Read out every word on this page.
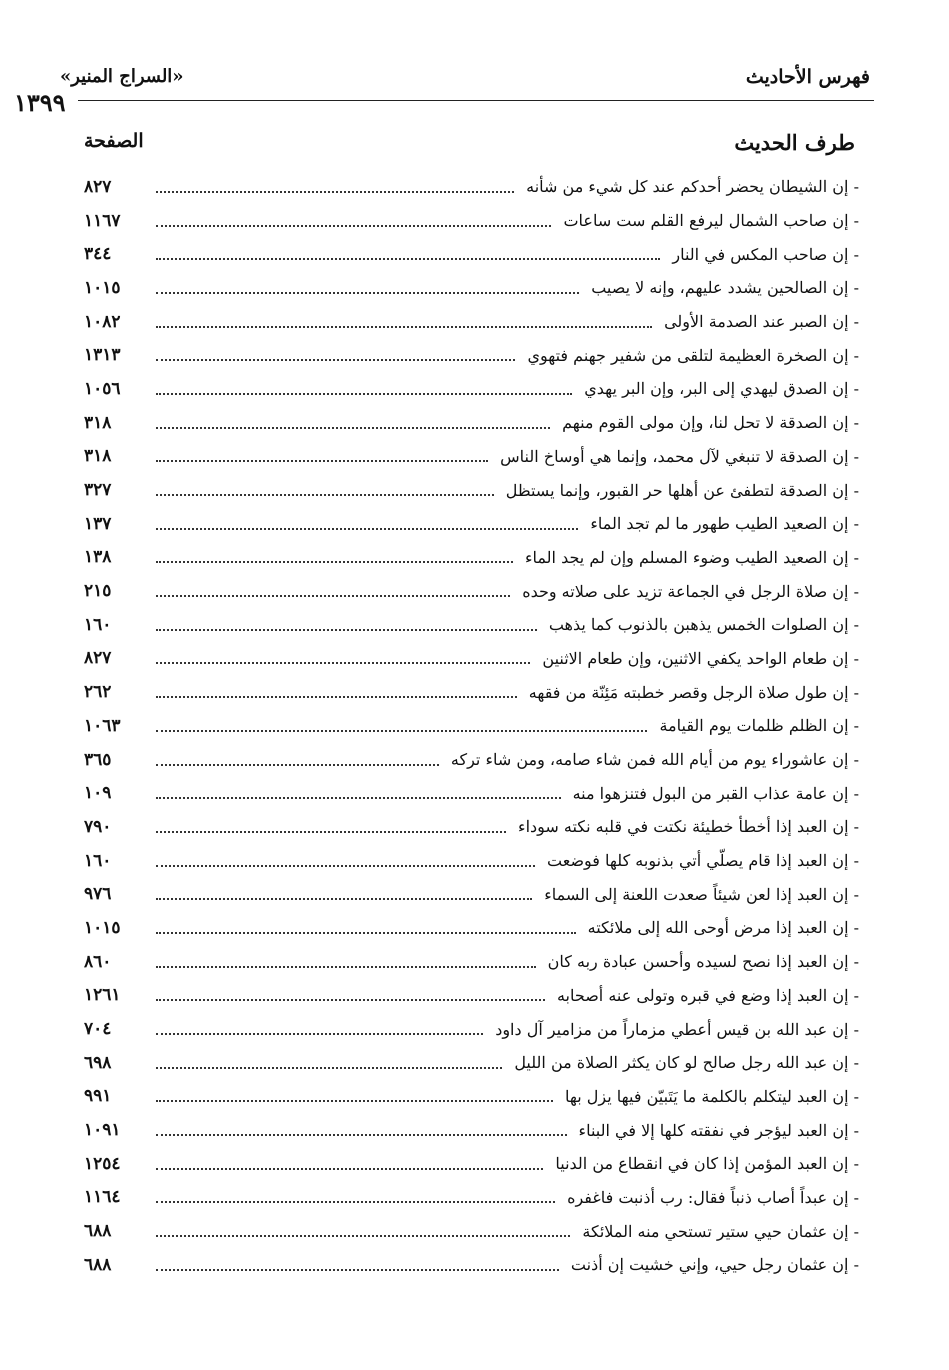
فهرس الأحاديث
«السراج المنير»
١٣٩٩
طرف الحديث
الصفحة
- إن الشيطان يحضر أحدكم عند كل شيء من شأنه
٨٢٧
- إن صاحب الشمال ليرفع القلم ست ساعات
١١٦٧
- إن صاحب المكس في النار
٣٤٤
- إن الصالحين يشدد عليهم، وإنه لا يصيب
١٠١٥
- إن الصبر عند الصدمة الأولى
١٠٨٢
- إن الصخرة العظيمة لتلقى من شفير جهنم فتهوي
١٣١٣
- إن الصدق ليهدي إلى البر، وإن البر يهدي
١٠٥٦
- إن الصدقة لا تحل لنا، وإن مولى القوم منهم
٣١٨
- إن الصدقة لا تنبغي لآل محمد، وإنما هي أوساخ الناس
٣١٨
- إن الصدقة لتطفئ عن أهلها حر القبور، وإنما يستظل
٣٢٧
- إن الصعيد الطيب طهور ما لم تجد الماء
١٣٧
- إن الصعيد الطيب وضوء المسلم وإن لم يجد الماء
١٣٨
- إن صلاة الرجل في الجماعة تزيد على صلاته وحده
٢١٥
- إن الصلوات الخمس يذهبن بالذنوب كما يذهب
١٦٠
- إن طعام الواحد يكفي الاثنين، وإن طعام الاثنين
٨٢٧
- إن طول صلاة الرجل وقصر خطبته مَئِنّة من فقهه
٢٦٢
- إن الظلم ظلمات يوم القيامة
١٠٦٣
- إن عاشوراء يوم من أيام الله فمن شاء صامه، ومن شاء تركه
٣٦٥
- إن عامة عذاب القبر من البول فتنزهوا منه
١٠٩
- إن العبد إذا أخطأ خطيئة نكتت في قلبه نكته سوداء
٧٩٠
- إن العبد إذا قام يصلّي أتي بذنوبه كلها فوضعت
١٦٠
- إن العبد إذا لعن شيئاً صعدت اللعنة إلى السماء
٩٧٦
- إن العبد إذا مرض أوحى الله إلى ملائكته
١٠١٥
- إن العبد إذا نصح لسيده وأحسن عبادة ربه كان
٨٦٠
- إن العبد إذا وضع في قبره وتولى عنه أصحابه
١٢٦١
- إن عبد الله بن قيس أعطي مزماراً من مزامير آل داود
٧٠٤
- إن عبد الله رجل صالح لو كان يكثر الصلاة من الليل
٦٩٨
- إن العبد ليتكلم بالكلمة ما يَتَبيّن فيها يزل بها
٩٩١
- إن العبد ليؤجر في نفقته كلها إلا في البناء
١٠٩١
- إن العبد المؤمن إذا كان في انقطاع من الدنيا
١٢٥٤
- إن عبداً أصاب ذنباً فقال: رب أذنبت فاغفره
١١٦٤
- إن عثمان حيي ستير تستحي منه الملائكة
٦٨٨
- إن عثمان رجل حيي، وإني خشيت إن أذنت
٦٨٨
